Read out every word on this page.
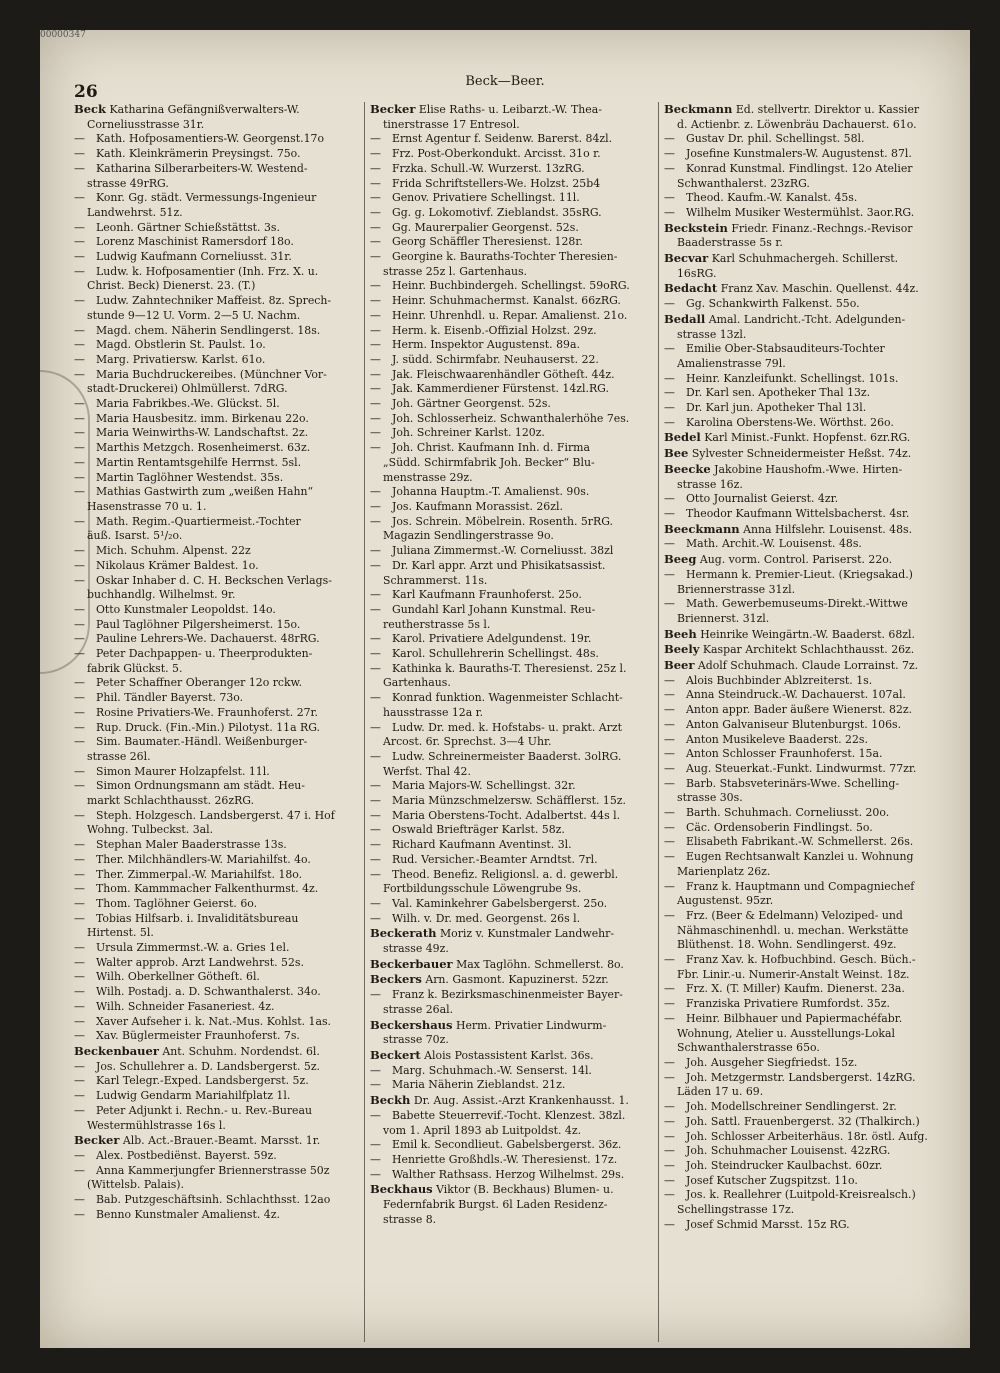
00000347
26
Beck—Beer.
Beck Katharina Gefängnißverwalters-W.
Corneliusstrasse 31r.
— Kath. Hofposamentiers-W. Georgenst.17o
— Kath. Kleinkrämerin Preysingst. 75o.
— Katharina Silberarbeiters-W. Westend-
strasse 49rRG.
— Konr. Gg. städt. Vermessungs-Ingenieur
Landwehrst. 51z.
— Leonh. Gärtner Schießstättst. 3s.
— Lorenz Maschinist Ramersdorf 18o.
— Ludwig Kaufmann Corneliusst. 31r.
— Ludw. k. Hofposamentier (Inh. Frz. X. u.
Christ. Beck) Dienerst. 23. (T.)
— Ludw. Zahntechniker Maffeist. 8z. Sprech-
stunde 9—12 U. Vorm. 2—5 U. Nachm.
— Magd. chem. Näherin Sendlingerst. 18s.
— Magd. Obstlerin St. Paulst. 1o.
— Marg. Privatiersw. Karlst. 61o.
— Maria Buchdruckereibes. (Münchner Vor-
stadt-Druckerei) Ohlmüllerst. 7dRG.
— Maria Fabrikbes.-We. Glückst. 5l.
— Maria Hausbesitz. imm. Birkenau 22o.
— Maria Weinwirths-W. Landschaftst. 2z.
— Marthis Metzgch. Rosenheimerst. 63z.
— Martin Rentamtsgehilfe Herrnst. 5sl.
— Martin Taglöhner Westendst. 35s.
— Mathias Gastwirth zum „weißen Hahn“
Hasenstrasse 70 u. 1.
— Math. Regim.-Quartiermeist.-Tochter
äuß. Isarst. 5¹/₂o.
— Mich. Schuhm. Alpenst. 22z
— Nikolaus Krämer Baldest. 1o.
— Oskar Inhaber d. C. H. Beckschen Verlags-
buchhandlg. Wilhelmst. 9r.
— Otto Kunstmaler Leopoldst. 14o.
— Paul Taglöhner Pilgersheimerst. 15o.
— Pauline Lehrers-We. Dachauerst. 48rRG.
— Peter Dachpappen- u. Theerprodukten-
fabrik Glückst. 5.
— Peter Schaffner Oberanger 12o rckw.
— Phil. Tändler Bayerst. 73o.
— Rosine Privatiers-We. Fraunhoferst. 27r.
— Rup. Druck. (Fin.-Min.) Pilotyst. 11a RG.
— Sim. Baumater.-Händl. Weißenburger-
strasse 26l.
— Simon Maurer Holzapfelst. 11l.
— Simon Ordnungsmann am städt. Heu-
markt Schlachthausst. 26zRG.
— Steph. Holzgesch. Landsbergerst. 47 i. Hof
Wohng. Tulbeckst. 3al.
— Stephan Maler Baaderstrasse 13s.
— Ther. Milchhändlers-W. Mariahilfst. 4o.
— Ther. Zimmerpal.-W. Mariahilfst. 18o.
— Thom. Kammmacher Falkenthurmst. 4z.
— Thom. Taglöhner Geierst. 6o.
— Tobias Hilfsarb. i. Invaliditätsbureau
Hirtenst. 5l.
— Ursula Zimmermst.-W. a. Gries 1el.
— Walter approb. Arzt Landwehrst. 52s.
— Wilh. Oberkellner Götheſt. 6l.
— Wilh. Postadj. a. D. Schwanthalerst. 34o.
— Wilh. Schneider Fasaneriest. 4z.
— Xaver Aufseher i. k. Nat.-Mus. Kohlst. 1as.
— Xav. Büglermeister Fraunhoferst. 7s.
Beckenbauer Ant. Schuhm. Nordendst. 6l.
— Jos. Schullehrer a. D. Landsbergerst. 5z.
— Karl Telegr.-Exped. Landsbergerst. 5z.
— Ludwig Gendarm Mariahilfplatz 1l.
— Peter Adjunkt i. Rechn.- u. Rev.-Bureau
Westermühlstrasse 16s l.
Becker Alb. Act.-Brauer.-Beamt. Marsst. 1r.
— Alex. Postbediënst. Bayerst. 59z.
— Anna Kammerjungfer Briennerstrasse 50z
(Wittelsb. Palais).
— Bab. Putzgeschäftsinh. Schlachthsst. 12ao
— Benno Kunstmaler Amalienst. 4z.
Becker Elise Raths- u. Leibarzt.-W. Thea-
tinerstrasse 17 Entresol.
— Ernst Agentur f. Seidenw. Barerst. 84zl.
— Frz. Post-Oberkondukt. Arcisst. 31o r.
— Frzka. Schull.-W. Wurzerst. 13zRG.
— Frida Schriftstellers-We. Holzst. 25b4
— Genov. Privatiere Schellingst. 11l.
— Gg. g. Lokomotivf. Zieblandst. 35sRG.
— Gg. Maurerpalier Georgenst. 52s.
— Georg Schäffler Theresienst. 128r.
— Georgine k. Bauraths-Tochter Theresien-
strasse 25z l. Gartenhaus.
— Heinr. Buchbindergeh. Schellingst. 59oRG.
— Heinr. Schuhmachermst. Kanalst. 66zRG.
— Heinr. Uhrenhdl. u. Repar. Amalienst. 21o.
— Herm. k. Eisenb.-Offizial Holzst. 29z.
— Herm. Inspektor Augustenst. 89a.
— J. südd. Schirmfabr. Neuhauserst. 22.
— Jak. Fleischwaarenhändler Götheſt. 44z.
— Jak. Kammerdiener Fürstenst. 14zl.RG.
— Joh. Gärtner Georgenst. 52s.
— Joh. Schlosserheiz. Schwanthalerhöhe 7es.
— Joh. Schreiner Karlst. 120z.
— Joh. Christ. Kaufmann Inh. d. Firma
„Südd. Schirmfabrik Joh. Becker“ Blu-
menstrasse 29z.
— Johanna Hauptm.-T. Amalienst. 90s.
— Jos. Kaufmann Morassist. 26zl.
— Jos. Schrein. Möbelrein. Rosenth. 5rRG.
Magazin Sendlingerstrasse 9o.
— Juliana Zimmermst.-W. Corneliusst. 38zl
— Dr. Karl appr. Arzt und Phisikatsassist.
Schrammerst. 11s.
— Karl Kaufmann Fraunhoferst. 25o.
— Gundahl Karl Johann Kunstmal. Reu-
reutherstrasse 5s l.
— Karol. Privatiere Adelgundenst. 19r.
— Karol. Schullehrerin Schellingst. 48s.
— Kathinka k. Bauraths-T. Theresienst. 25z l.
Gartenhaus.
— Konrad funktion. Wagenmeister Schlacht-
hausstrasse 12a r.
— Ludw. Dr. med. k. Hofstabs- u. prakt. Arzt
Arcost. 6r. Sprechst. 3—4 Uhr.
— Ludw. Schreinermeister Baaderst. 3olRG.
Werfst. Thal 42.
— Maria Majors-W. Schellingst. 32r.
— Maria Münzschmelzersw. Schäfflerst. 15z.
— Maria Oberstens-Tocht. Adalbertst. 44s l.
— Oswald Briefträger Karlst. 58z.
— Richard Kaufmann Aventinst. 3l.
— Rud. Versicher.-Beamter Arndtst. 7rl.
— Theod. Benefiz. Religionsl. a. d. gewerbl.
Fortbildungsschule Löwengrube 9s.
— Val. Kaminkehrer Gabelsbergerst. 25o.
— Wilh. v. Dr. med. Georgenst. 26s l.
Beckerath Moriz v. Kunstmaler Landwehr-
strasse 49z.
Beckerbauer Max Taglöhn. Schmellerst. 8o.
Beckers Arn. Gasmont. Kapuzinerst. 52zr.
— Franz k. Bezirksmaschinenmeister Bayer-
strasse 26al.
Beckershaus Herm. Privatier Lindwurm-
strasse 70z.
Beckert Alois Postassistent Karlst. 36s.
— Marg. Schuhmach.-W. Senserst. 14l.
— Maria Näherin Zieblandst. 21z.
Beckh Dr. Aug. Assist.-Arzt Krankenhausst. 1.
— Babette Steuerrevif.-Tocht. Klenzest. 38zl.
vom 1. April 1893 ab Luitpoldst. 4z.
— Emil k. Secondlieut. Gabelsbergerst. 36z.
— Henriette Großhdls.-W. Theresienst. 17z.
— Walther Rathsass. Herzog Wilhelmst. 29s.
Beckhaus Viktor (B. Beckhaus) Blumen- u.
Federnfabrik Burgst. 6l Laden Residenz-
strasse 8.
Beckmann Ed. stellvertr. Direktor u. Kassier
d. Actienbr. z. Löwenbräu Dachauerst. 61o.
— Gustav Dr. phil. Schellingst. 58l.
— Josefine Kunstmalers-W. Augustenst. 87l.
— Konrad Kunstmal. Findlingst. 12o Atelier
Schwanthalerst. 23zRG.
— Theod. Kaufm.-W. Kanalst. 45s.
— Wilhelm Musiker Westermühlst. 3aor.RG.
Beckstein Friedr. Finanz.-Rechngs.-Revisor
Baaderstrasse 5s r.
Becvar Karl Schuhmachergeh. Schillerst.
16sRG.
Bedacht Franz Xav. Maschin. Quellenst. 44z.
— Gg. Schankwirth Falkenst. 55o.
Bedall Amal. Landricht.-Tcht. Adelgunden-
strasse 13zl.
— Emilie Ober-Stabsauditeurs-Tochter
Amalienstrasse 79l.
— Heinr. Kanzleifunkt. Schellingst. 101s.
— Dr. Karl sen. Apotheker Thal 13z.
— Dr. Karl jun. Apotheker Thal 13l.
— Karolina Oberstens-We. Wörthst. 26o.
Bedel Karl Minist.-Funkt. Hopfenst. 6zr.RG.
Bee Sylvester Schneidermeister Heßst. 74z.
Beecke Jakobine Haushofm.-Wwe. Hirten-
strasse 16z.
— Otto Journalist Geierst. 4zr.
— Theodor Kaufmann Wittelsbacherst. 4sr.
Beeckmann Anna Hilfslehr. Louisenst. 48s.
— Math. Archit.-W. Louisenst. 48s.
Beeg Aug. vorm. Control. Pariserst. 22o.
— Hermann k. Premier-Lieut. (Kriegsakad.)
Briennerstrasse 31zl.
— Math. Gewerbemuseums-Direkt.-Wittwe
Briennerst. 31zl.
Beeh Heinrike Weingärtn.-W. Baaderst. 68zl.
Beely Kaspar Architekt Schlachthausst. 26z.
Beer Adolf Schuhmach. Claude Lorrainst. 7z.
— Alois Buchbinder Ablzreiterst. 1s.
— Anna Steindruck.-W. Dachauerst. 107al.
— Anton appr. Bader äußere Wienerst. 82z.
— Anton Galvaniseur Blutenburgst. 106s.
— Anton Musikeleve Baaderst. 22s.
— Anton Schlosser Fraunhoferst. 15a.
— Aug. Steuerkat.-Funkt. Lindwurmst. 77zr.
— Barb. Stabsveterinärs-Wwe. Schelling-
strasse 30s.
— Barth. Schuhmach. Corneliusst. 20o.
— Cäc. Ordensoberin Findlingst. 5o.
— Elisabeth Fabrikant.-W. Schmellerst. 26s.
— Eugen Rechtsanwalt Kanzlei u. Wohnung
Marienplatz 26z.
— Franz k. Hauptmann und Compagniechef
Augustenst. 95zr.
— Frz. (Beer & Edelmann) Veloziped- und
Nähmaschinenhdl. u. mechan. Werkstätte
Blüthenst. 18. Wohn. Sendlingerst. 49z.
— Franz Xav. k. Hofbuchbind. Gesch. Büch.-
Fbr. Linir.-u. Numerir-Anstalt Weinst. 18z.
— Frz. X. (T. Miller) Kaufm. Dienerst. 23a.
— Franziska Privatiere Rumfordst. 35z.
— Heinr. Bilbhauer und Papiermachéfabr.
Wohnung, Atelier u. Ausstellungs-Lokal
Schwanthalerstrasse 65o.
— Joh. Ausgeher Siegfriedst. 15z.
— Joh. Metzgermstr. Landsbergerst. 14zRG.
Läden 17 u. 69.
— Joh. Modellschreiner Sendlingerst. 2r.
— Joh. Sattl. Frauenbergerst. 32 (Thalkirch.)
— Joh. Schlosser Arbeiterhäus. 18r. östl. Aufg.
— Joh. Schuhmacher Louisenst. 42zRG.
— Joh. Steindrucker Kaulbachst. 60zr.
— Josef Kutscher Zugspitzst. 11o.
— Jos. k. Reallehrer (Luitpold-Kreisrealsch.)
Schellingstrasse 17z.
— Josef Schmid Marsst. 15z RG.
